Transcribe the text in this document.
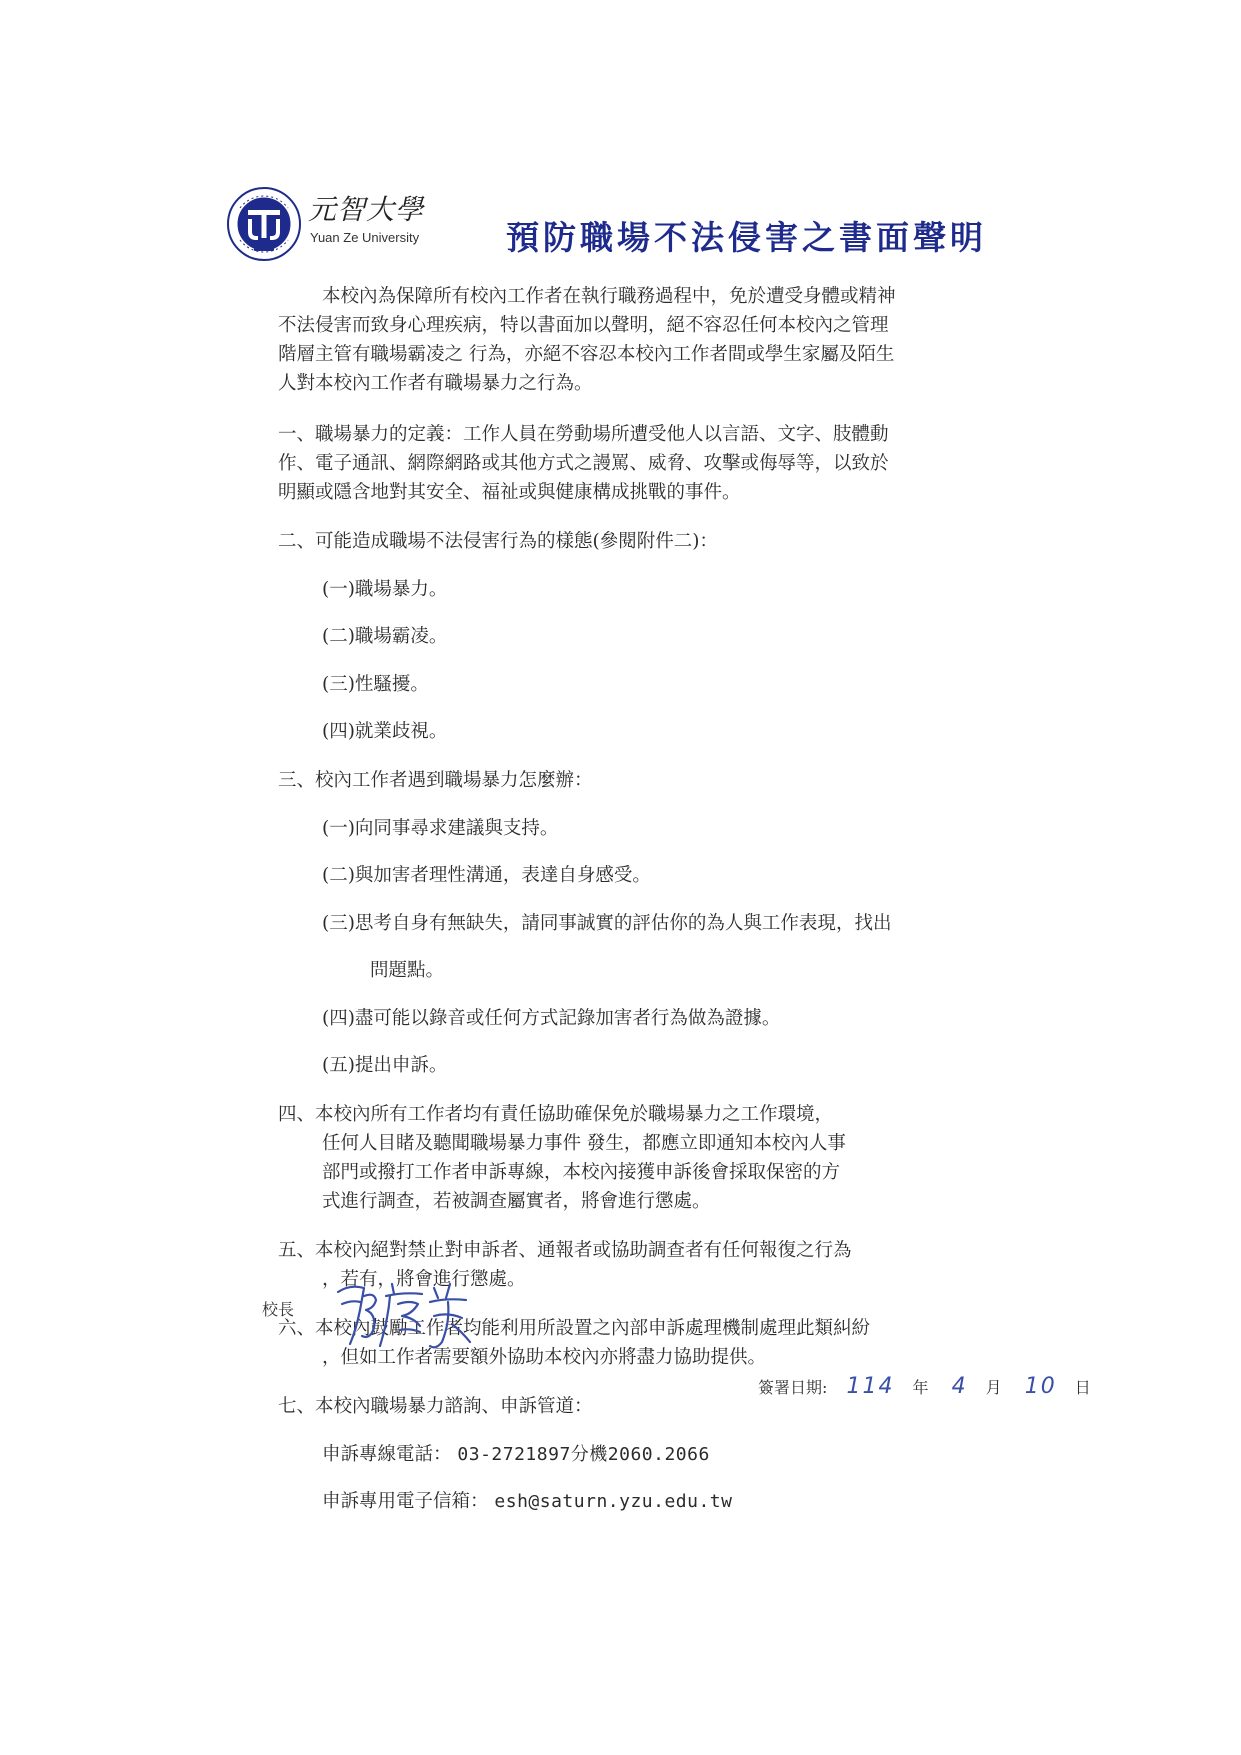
元智大學
Yuan Ze University	預防職場不法侵害之書面聲明

本校內為保障所有校內工作者在執行職務過程中，免於遭受身體或精神

不法侵害而致身心理疾病，特以書面加以聲明，絕不容忍任何本校內之管理

階層主管有職場霸凌之 行為，亦絕不容忍本校內工作者間或學生家屬及陌生

人對本校內工作者有職場暴力之行為。

一、職場暴力的定義：工作人員在勞動場所遭受他人以言語、文字、肢體動

作、電子通訊、網際網路或其他方式之謾罵、威脅、攻擊或侮辱等，以致於

明顯或隱含地對其安全、福祉或與健康構成挑戰的事件。

二、可能造成職場不法侵害行為的樣態(參閱附件二)：

(一)職場暴力。

(二)職場霸凌。

(三)性騷擾。

(四)就業歧視。

三、校內工作者遇到職場暴力怎麼辦：

(一)向同事尋求建議與支持。

(二)與加害者理性溝通，表達自身感受。

(三)思考自身有無缺失，請同事誠實的評估你的為人與工作表現，找出

問題點。

(四)盡可能以錄音或任何方式記錄加害者行為做為證據。

(五)提出申訴。

四、本校內所有工作者均有責任協助確保免於職場暴力之工作環境，

任何人目睹及聽聞職場暴力事件 發生，都應立即通知本校內人事

部門或撥打工作者申訴專線，本校內接獲申訴後會採取保密的方

式進行調查，若被調查屬實者，將會進行懲處。

五、本校內絕對禁止對申訴者、通報者或協助調查者有任何報復之行為

，若有，將會進行懲處。

六、本校內鼓勵工作者均能利用所設置之內部申訴處理機制處理此類糾紛

，但如工作者需要額外協助本校內亦將盡力協助提供。

七、本校內職場暴力諮詢、申訴管道：

申訴專線電話： 03-2721897分機2060.2066

申訴專用電子信箱： esh@saturn.yzu.edu.tw

校長
簽署日期: 114 年 4 月 10 日
